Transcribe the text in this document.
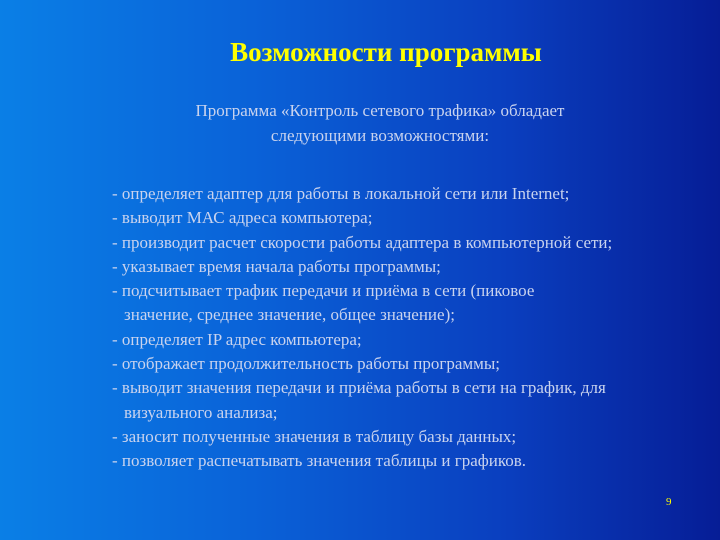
Возможности программы
Программа «Контроль сетевого трафика» обладает
следующими возможностями:
- определяет адаптер для работы в локальной сети или Internet;
- выводит МАС адреса компьютера;
- производит расчет скорости работы адаптера в компьютерной сети;
- указывает время начала работы программы;
- подсчитывает трафик передачи и приёма в сети (пиковое
значение, среднее значение, общее значение);
- определяет IP адрес компьютера;
- отображает продолжительность работы программы;
- выводит значения передачи и приёма работы в сети на график, для
визуального анализа;
- заносит полученные значения в таблицу базы данных;
- позволяет распечатывать значения таблицы и графиков.
9
